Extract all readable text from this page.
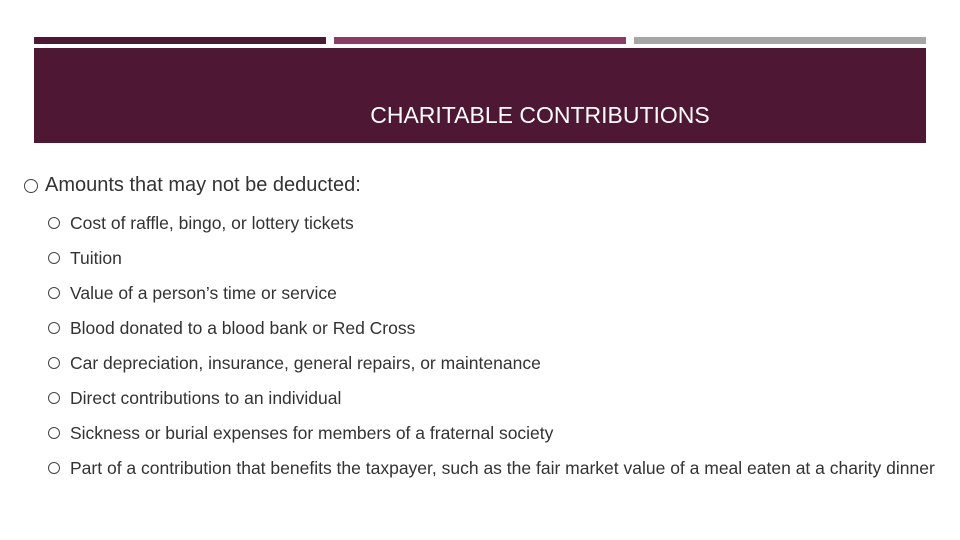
CHARITABLE CONTRIBUTIONS
Amounts that may not be deducted:
Cost of raffle, bingo, or lottery tickets
Tuition
Value of a person’s time or service
Blood donated to a blood bank or Red Cross
Car depreciation, insurance, general repairs, or maintenance
Direct contributions to an individual
Sickness or burial expenses for members of a fraternal society
Part of a contribution that benefits the taxpayer, such as the fair market value of a meal eaten at a charity dinner
